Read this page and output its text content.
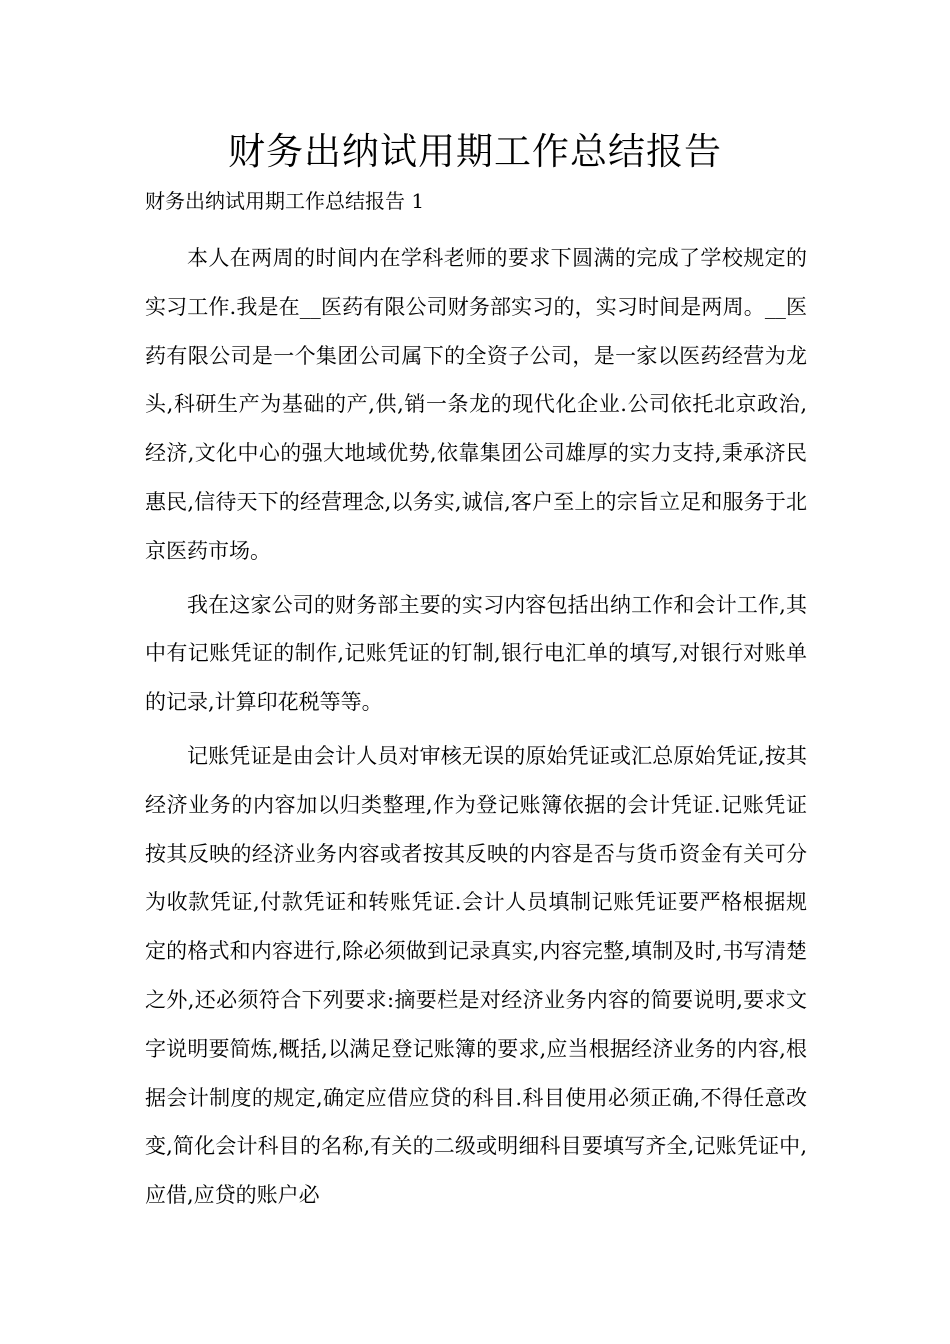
财务出纳试用期工作总结报告

财务出纳试用期工作总结报告 1

本人在两周的时间内在学科老师的要求下圆满的完成了学校规定的实习工作.我是在__医药有限公司财务部实习的，实习时间是两周。__医药有限公司是一个集团公司属下的全资子公司，是一家以医药经营为龙头,科研生产为基础的产,供,销一条龙的现代化企业.公司依托北京政治,经济,文化中心的强大地域优势,依靠集团公司雄厚的实力支持,秉承济民惠民,信待天下的经营理念,以务实,诚信,客户至上的宗旨立足和服务于北京医药市场。

我在这家公司的财务部主要的实习内容包括出纳工作和会计工作,其中有记账凭证的制作,记账凭证的钉制,银行电汇单的填写,对银行对账单的记录,计算印花税等等。

记账凭证是由会计人员对审核无误的原始凭证或汇总原始凭证,按其经济业务的内容加以归类整理,作为登记账簿依据的会计凭证.记账凭证按其反映的经济业务内容或者按其反映的内容是否与货币资金有关可分为收款凭证,付款凭证和转账凭证.会计人员填制记账凭证要严格根据规定的格式和内容进行,除必须做到记录真实,内容完整,填制及时,书写清楚之外,还必须符合下列要求:摘要栏是对经济业务内容的简要说明,要求文字说明要简炼,概括,以满足登记账簿的要求,应当根据经济业务的内容,根据会计制度的规定,确定应借应贷的科目.科目使用必须正确,不得任意改变,简化会计科目的名称,有关的二级或明细科目要填写齐全,记账凭证中,应借,应贷的账户必
